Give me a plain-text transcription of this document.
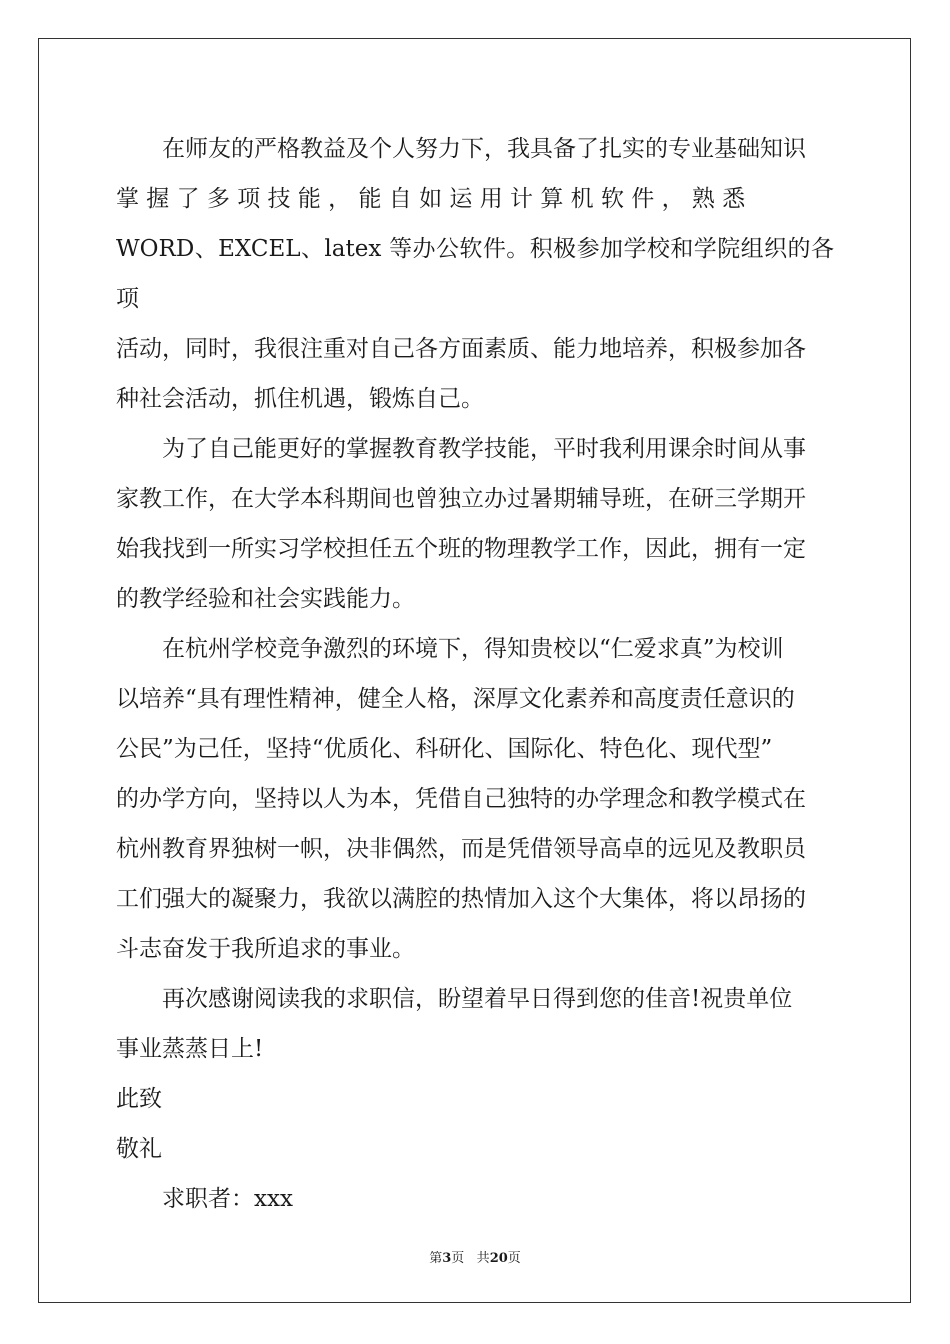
在师友的严格教益及个人努力下，我具备了扎实的专业基础知识
掌 握 了 多 项 技 能 ， 能 自 如 运 用 计 算 机 软 件 ， 熟 悉
WORD、EXCEL、latex 等办公软件。积极参加学校和学院组织的各项
活动，同时，我很注重对自己各方面素质、能力地培养，积极参加各
种社会活动，抓住机遇，锻炼自己。

为了自己能更好的掌握教育教学技能，平时我利用课余时间从事
家教工作，在大学本科期间也曾独立办过暑期辅导班，在研三学期开
始我找到一所实习学校担任五个班的物理教学工作，因此，拥有一定
的教学经验和社会实践能力。

在杭州学校竞争激烈的环境下，得知贵校以“仁爱求真”为校训
以培养“具有理性精神，健全人格，深厚文化素养和高度责任意识的
公民”为己任，坚持“优质化、科研化、国际化、特色化、现代型”
的办学方向，坚持以人为本，凭借自己独特的办学理念和教学模式在
杭州教育界独树一帜，决非偶然，而是凭借领导高卓的远见及教职员
工们强大的凝聚力，我欲以满腔的热情加入这个大集体，将以昂扬的
斗志奋发于我所追求的事业。

再次感谢阅读我的求职信，盼望着早日得到您的佳音!祝贵单位
事业蒸蒸日上!

此致

敬礼

求职者：xxx

第3页 共20页
